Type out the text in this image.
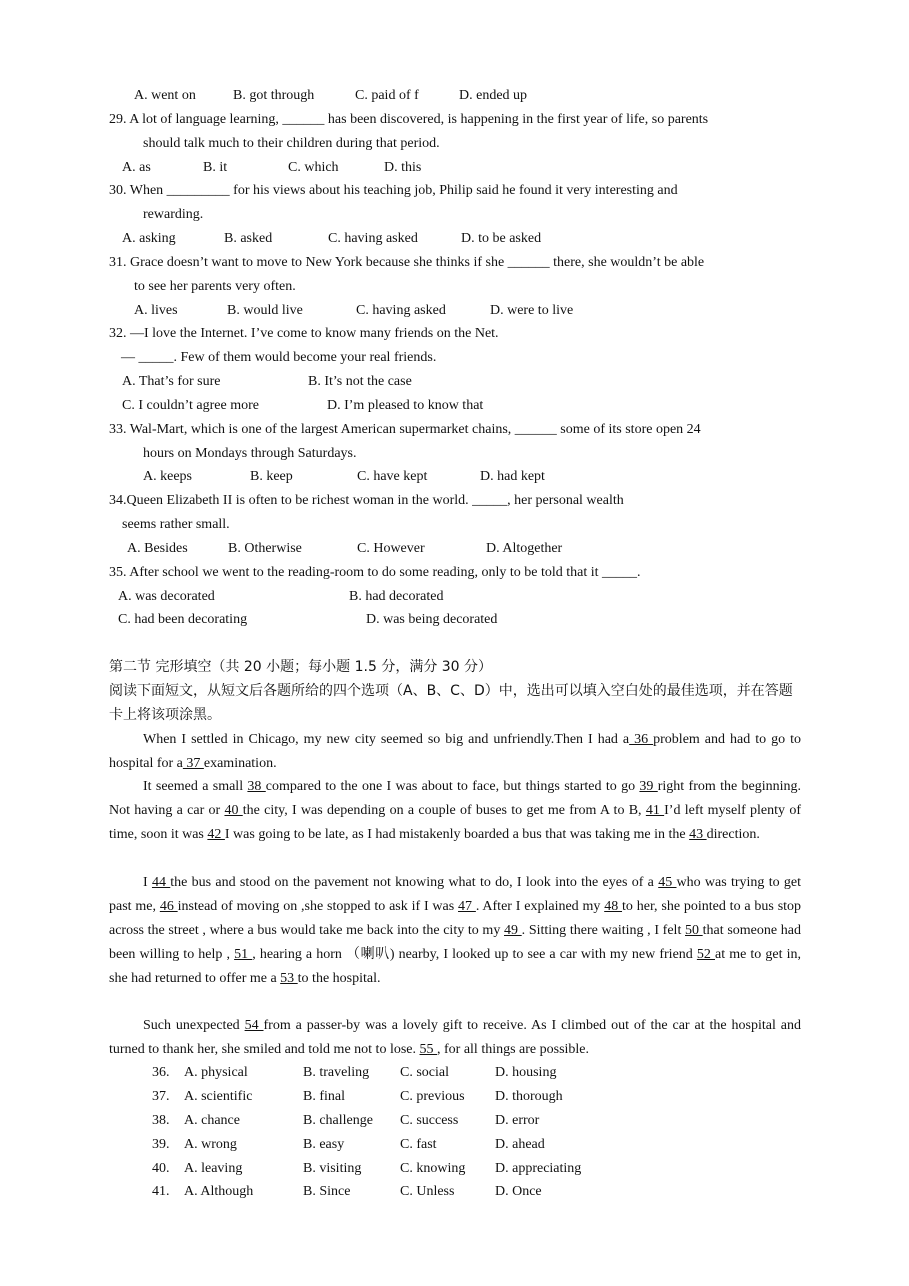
A. went on	B. got through	C. paid of f	D. ended up
29. A lot of language learning, ______ has been discovered, is happening in the first year of life, so parents
should talk much to their children during that period.
A. as	B. it	C. which	D. this
30. When _________ for his views about his teaching job, Philip said he found it very interesting and
rewarding.
A. asking	B. asked	C. having asked	D. to be asked
31. Grace doesn’t want to move to New York because she thinks if she ______ there, she wouldn’t be able
to see her parents very often.
A. lives	B. would live	C. having asked	D. were to live
32. —I love the Internet. I’ve come to know many friends on the Net.
— _____. Few of them would become your real friends.
A. That’s for sure	B. It’s not the case
C. I couldn’t agree more	D. I’m pleased to know that
33. Wal-Mart, which is one of the largest American supermarket chains, ______ some of its store open 24
hours on Mondays through Saturdays.
A. keeps	B. keep	C. have kept	D. had kept
34.Queen Elizabeth II is often to be richest woman in the world. _____, her personal wealth
seems rather small.
A. Besides	B. Otherwise	C. However	D. Altogether
35. After school we went to the reading-room to do some reading, only to be told that it _____.
A. was decorated	B. had decorated
C. had been decorating	D. was being decorated
第二节 完形填空（共 20 小题；每小题 1.5 分，满分 30 分）
阅读下面短文，从短文后各题所给的四个选项（A、B、C、D）中，选出可以填入空白处的最佳选项，并在答题卡上将该项涂黑。
When I settled in Chicago, my new city seemed so big and unfriendly.Then I had a 36 problem and had to go to hospital for a 37 examination.
It seemed a small 38 compared to the one I was about to face, but things started to go 39 right from the beginning. Not having a car or 40 the city, I was depending on a couple of buses to get me from A to B, 41 I’d left myself plenty of time, soon it was 42 I was going to be late, as I had mistakenly boarded a bus that was taking me in the 43 direction.
I 44 the bus and stood on the pavement not knowing what to do, I look into the eyes of a 45 who was trying to get past me, 46 instead of moving on ,she stopped to ask if I was 47 . After I explained my 48 to her, she pointed to a bus stop across the street , where a bus would take me back into the city to my 49 . Sitting there waiting , I felt 50 that someone had been willing to help , 51 , hearing a horn （喇叭) nearby, I looked up to see a car with my new friend 52 at me to get in, she had returned to offer me a 53 to the hospital.
Such unexpected 54 from a passer-by was a lovely gift to receive. As I climbed out of the car at the hospital and turned to thank her, she smiled and told me not to lose. 55 , for all things are possible.
36. A. physical	B. traveling C. social	D. housing
37. A. scientific	B. final	C. previous D. thorough
38. A. chance	B. challenge C. success	D. error
39. A. wrong	B. easy	C. fast	D. ahead
40. A. leaving	B. visiting	C. knowing D. appreciating
41. A. Although	B. Since	C. Unless	D. Once
